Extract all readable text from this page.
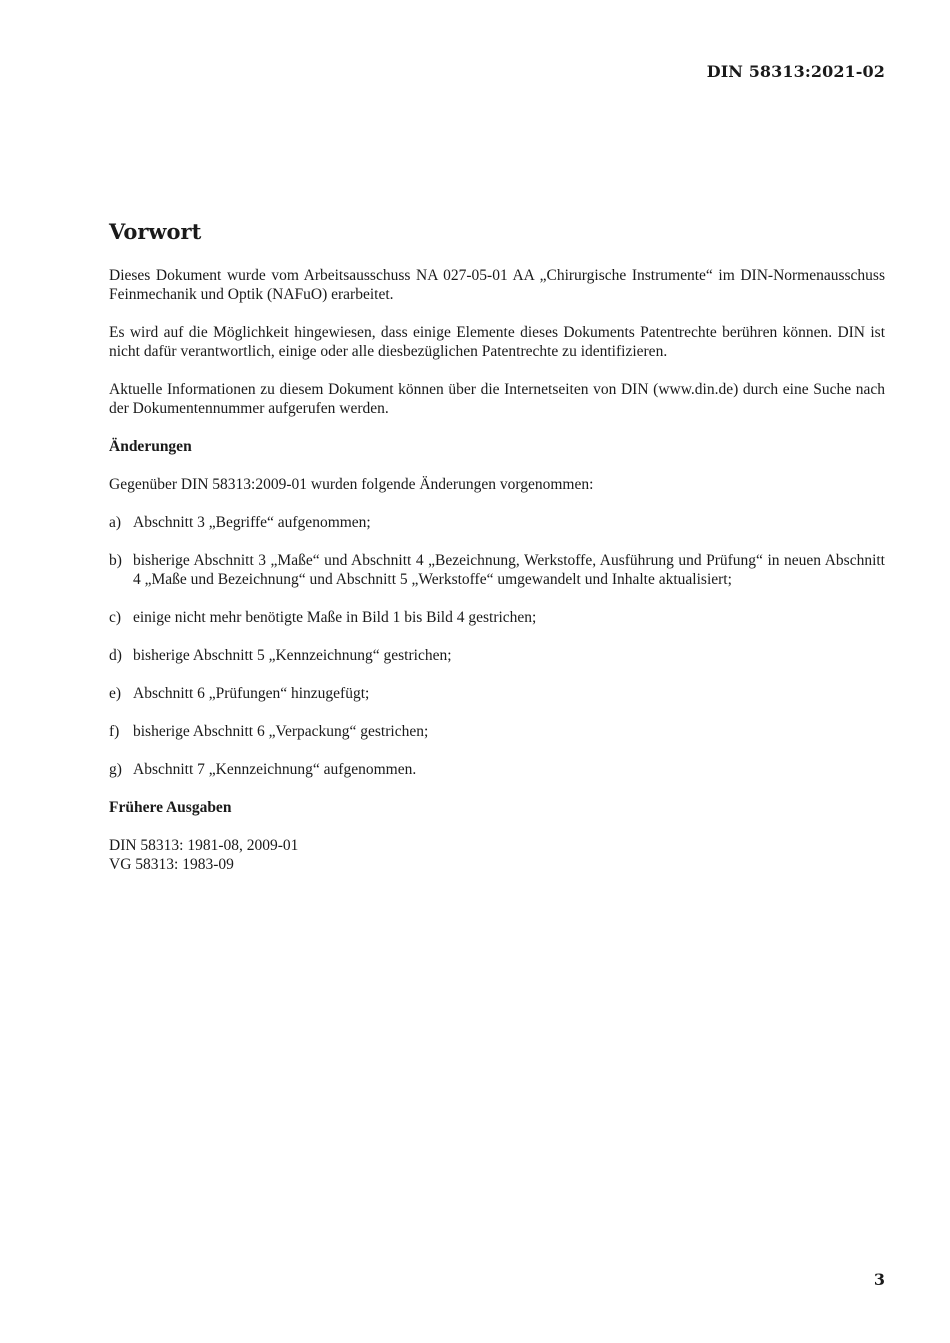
DIN 58313:2021-02
Vorwort

Dieses Dokument wurde vom Arbeitsausschuss NA 027-05-01 AA „Chirurgische Instrumente“ im DIN-Normenausschuss Feinmechanik und Optik (NAFuO) erarbeitet.

Es wird auf die Möglichkeit hingewiesen, dass einige Elemente dieses Dokuments Patentrechte berühren können. DIN ist nicht dafür verantwortlich, einige oder alle diesbezüglichen Patentrechte zu identifizieren.

Aktuelle Informationen zu diesem Dokument können über die Internetseiten von DIN (www.din.de) durch eine Suche nach der Dokumentennummer aufgerufen werden.

Änderungen

Gegenüber DIN 58313:2009-01 wurden folgende Änderungen vorgenommen:

a) Abschnitt 3 „Begriffe“ aufgenommen;
b) bisherige Abschnitt 3 „Maße“ und Abschnitt 4 „Bezeichnung, Werkstoffe, Ausführung und Prüfung“ in neuen Abschnitt 4 „Maße und Bezeichnung“ und Abschnitt 5 „Werkstoffe“ umgewandelt und Inhalte aktualisiert;
c) einige nicht mehr benötigte Maße in Bild 1 bis Bild 4 gestrichen;
d) bisherige Abschnitt 5 „Kennzeichnung“ gestrichen;
e) Abschnitt 6 „Prüfungen“ hinzugefügt;
f) bisherige Abschnitt 6 „Verpackung“ gestrichen;
g) Abschnitt 7 „Kennzeichnung“ aufgenommen.
Frühere Ausgaben
DIN 58313: 1981-08, 2009-01
VG 58313: 1983-09
3
